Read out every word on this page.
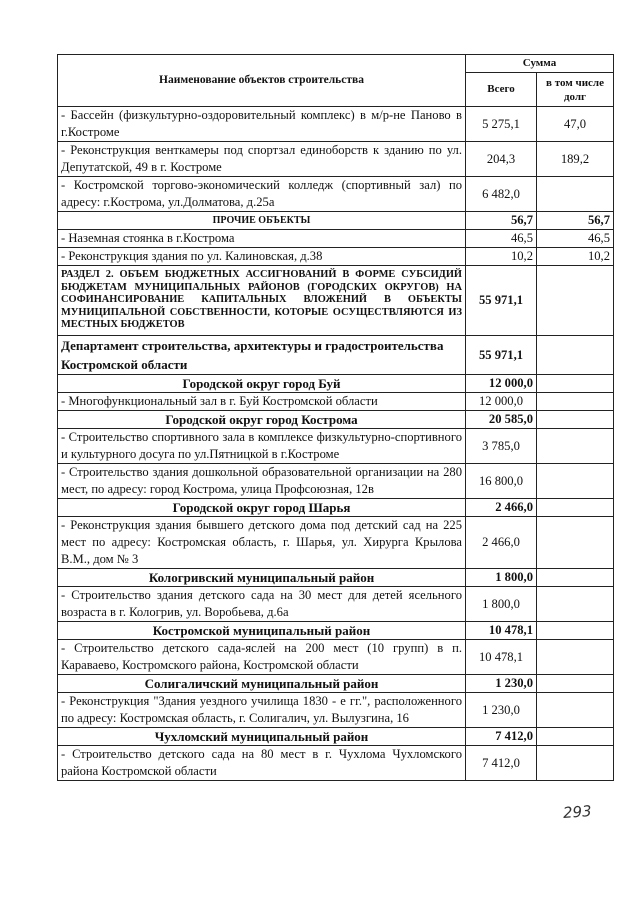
Наименование объектов строительства	Сумма	
	Всего	в том числе долг
- Бассейн (физкультурно-оздоровительный комплекс) в м/р-не Паново в г.Костроме	5 275,1	47,0
- Реконструкция венткамеры под спортзал единоборств к зданию по ул. Депутатской, 49 в г. Костроме	204,3	189,2
- Костромской торгово-экономический колледж (спортивный зал) по адресу: г.Кострома, ул.Долматова, д.25а	6 482,0	
ПРОЧИЕ ОБЪЕКТЫ	56,7	56,7
- Наземная стоянка в г.Кострома	46,5	46,5
- Реконструкция здания по ул. Калиновская, д.38	10,2	10,2
РАЗДЕЛ 2. ОБЪЕМ БЮДЖЕТНЫХ АССИГНОВАНИЙ В ФОРМЕ СУБСИДИЙ БЮДЖЕТАМ МУНИЦИПАЛЬНЫХ РАЙОНОВ (ГОРОДСКИХ ОКРУГОВ) НА СОФИНАНСИРОВАНИЕ КАПИТАЛЬНЫХ ВЛОЖЕНИЙ В ОБЪЕКТЫ МУНИЦИПАЛЬНОЙ СОБСТВЕННОСТИ, КОТОРЫЕ ОСУЩЕСТВЛЯЮТСЯ ИЗ МЕСТНЫХ БЮДЖЕТОВ	55 971,1	
Департамент строительства, архитектуры и градостроительства Костромской области	55 971,1	
Городской округ город Буй	12 000,0	
- Многофункциональный зал в г. Буй Костромской области	12 000,0	
Городской округ город Кострома	20 585,0	
- Строительство спортивного зала в комплексе физкультурно-спортивного и культурного досуга по ул.Пятницкой в г.Костроме	3 785,0	
- Строительство здания дошкольной образовательной организации на 280 мест, по адресу: город Кострома, улица Профсоюзная, 12в	16 800,0	
Городской округ город Шарья	2 466,0	
- Реконструкция здания бывшего детского дома под детский сад на 225 мест по адресу: Костромская область, г. Шарья, ул. Хирурга Крылова В.М., дом № 3	2 466,0	
Кологривский муниципальный район	1 800,0	
- Строительство здания детского сада на 30 мест для детей ясельного возраста в г. Кологрив, ул. Воробьева, д.6а	1 800,0	
Костромской муниципальный район	10 478,1	
- Строительство детского сада-яслей на 200 мест (10 групп) в п. Караваево, Костромского района, Костромской области	10 478,1	
Солигаличский муниципальный район	1 230,0	
- Реконструкция "Здания уездного училища 1830 - е гг.", расположенного по адресу: Костромская область, г. Солигалич, ул. Вылузгина, 16	1 230,0	
Чухломский муниципальный район	7 412,0	
- Строительство детского сада на 80 мест в г. Чухлома Чухломского района Костромской области	7 412,0	
293
